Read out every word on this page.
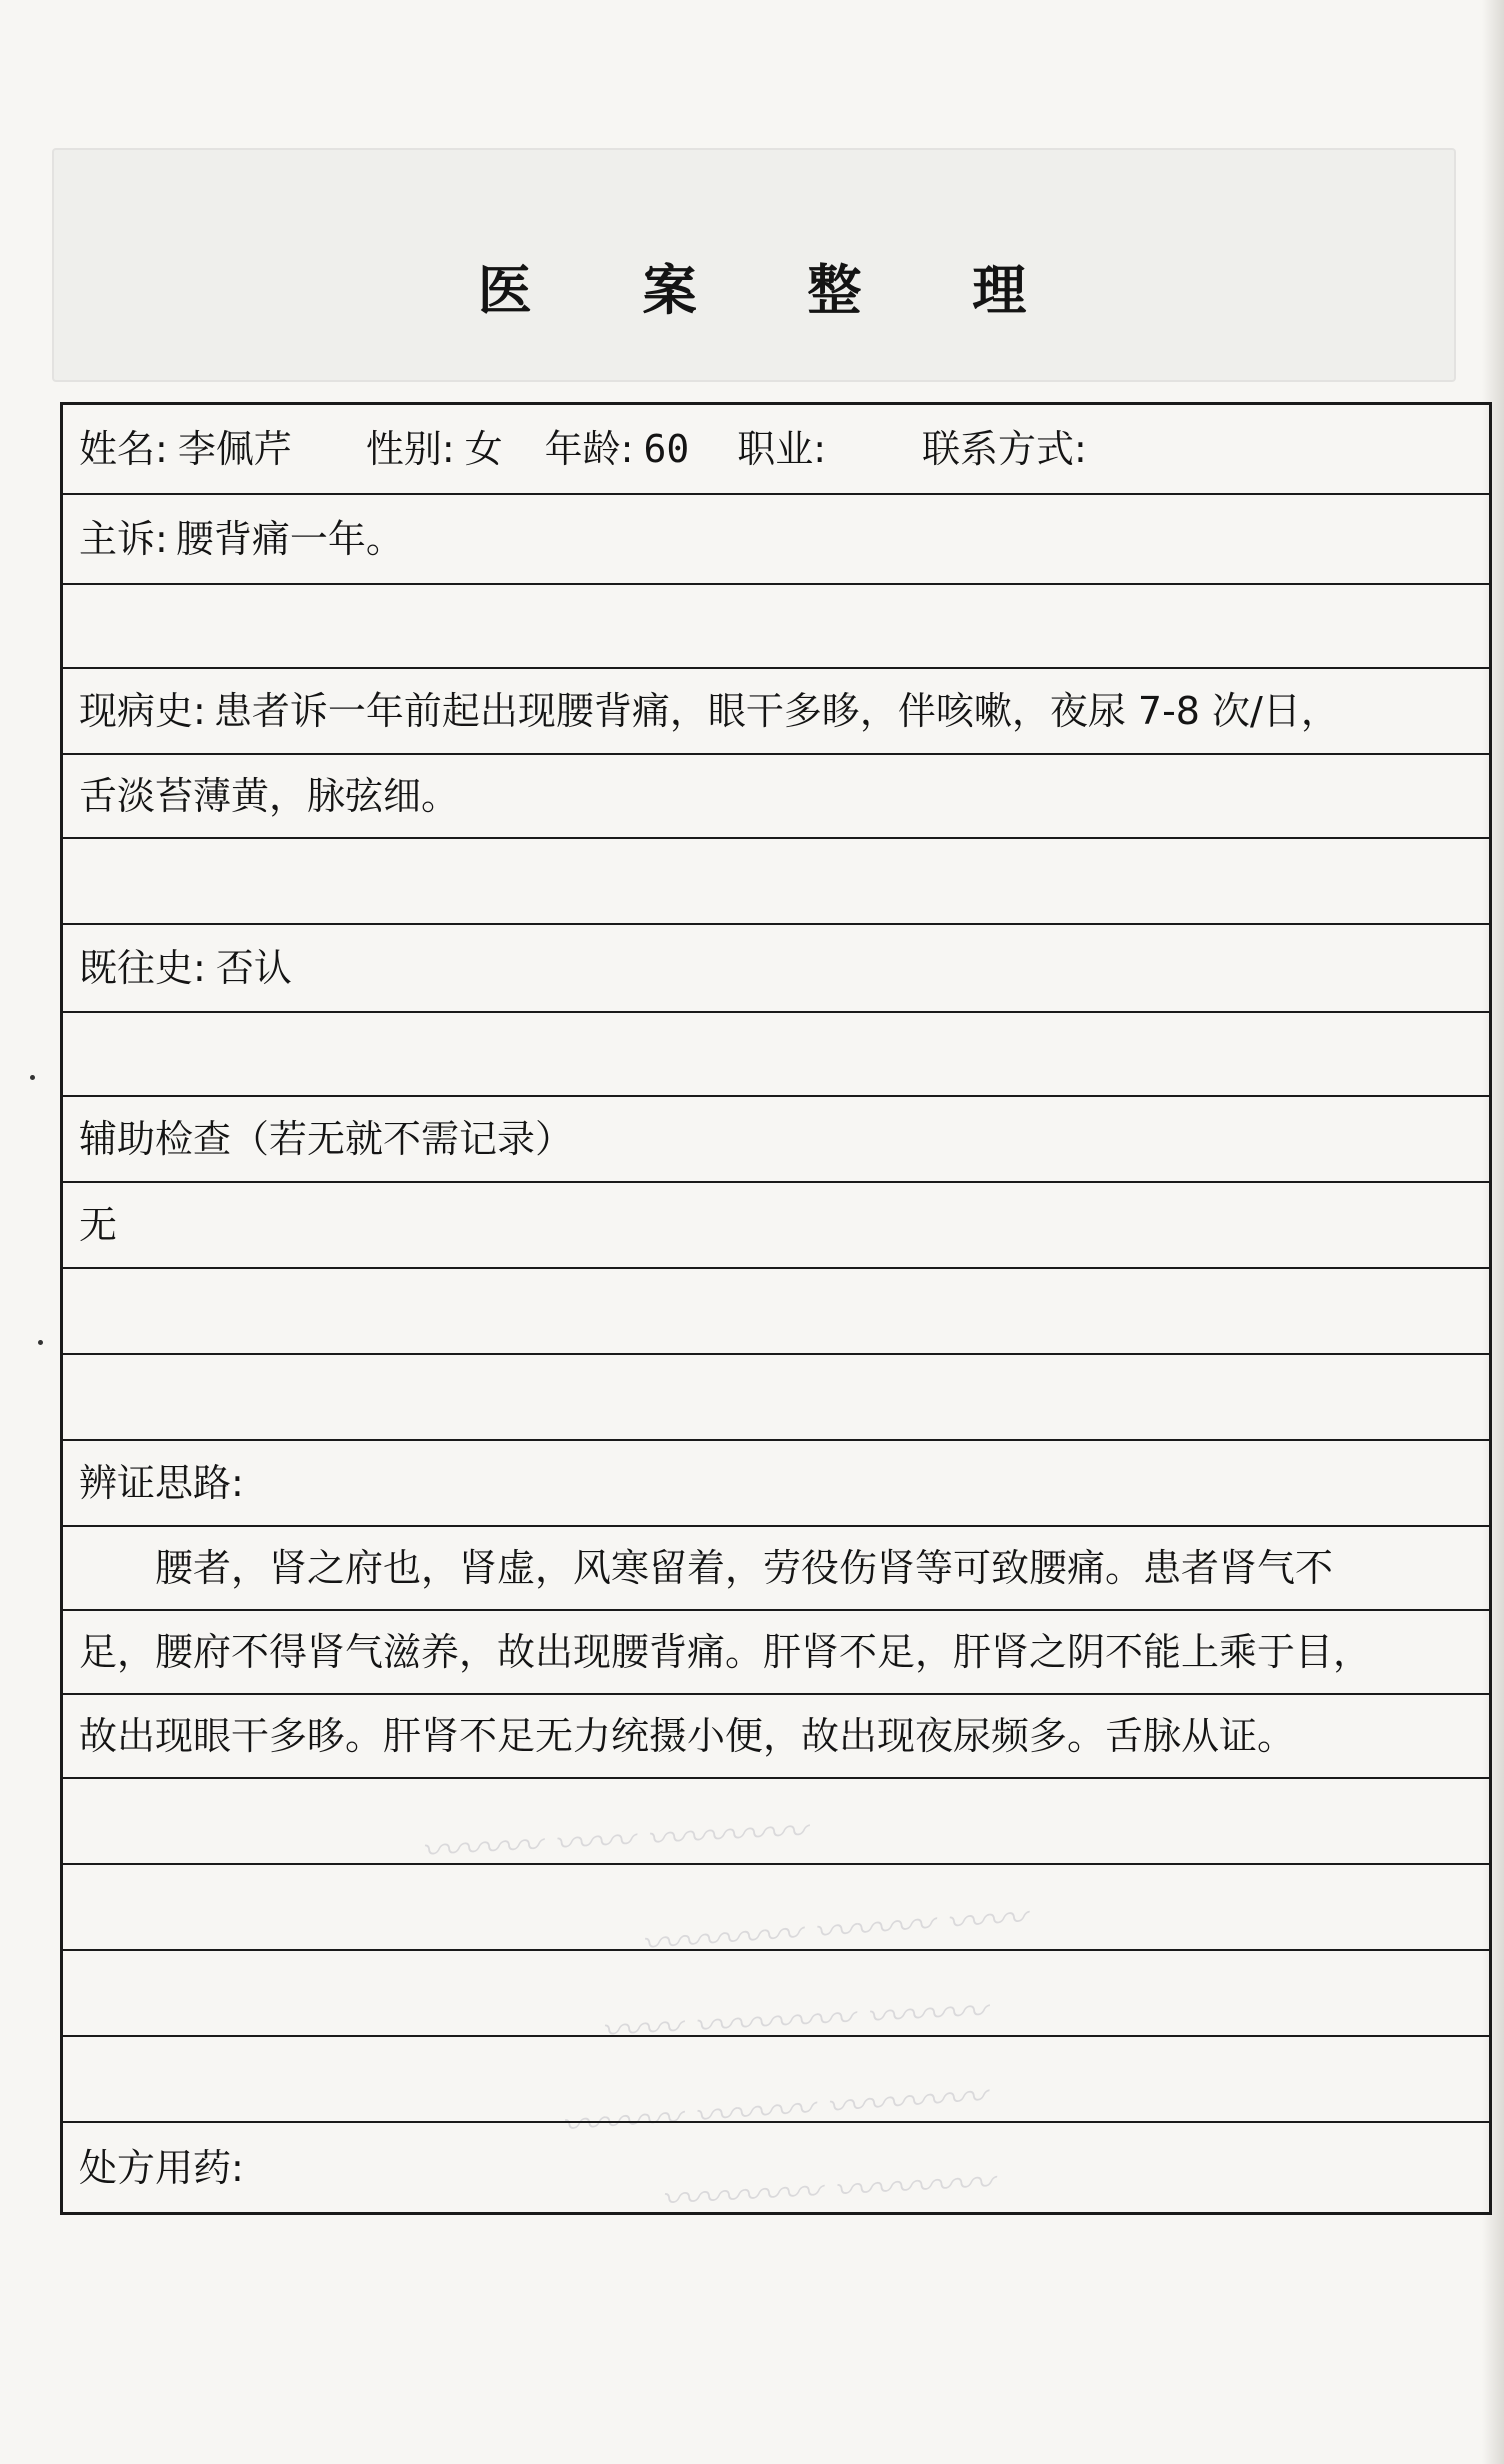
〰〰〰 〰〰 〰〰〰〰
〰〰〰〰 〰〰〰 〰〰
〰〰 〰〰〰〰 〰〰〰
〰〰〰 〰〰〰 〰〰〰〰
〰〰〰〰 〰〰〰〰
医 案 整 理
姓名: 李佩芹 性别: 女 年龄: 60 职业:	联系方式:
主诉: 腰背痛一年。
现病史: 患者诉一年前起出现腰背痛，眼干多眵，伴咳嗽，夜尿 7-8 次/日，
舌淡苔薄黄，脉弦细。
既往史: 否认
辅助检查（若无就不需记录）
无
辨证思路:
腰者，肾之府也，肾虚，风寒留着，劳役伤肾等可致腰痛。患者肾气不
足，腰府不得肾气滋养，故出现腰背痛。肝肾不足，肝肾之阴不能上乘于目，
故出现眼干多眵。肝肾不足无力统摄小便，故出现夜尿频多。舌脉从证。
处方用药:
